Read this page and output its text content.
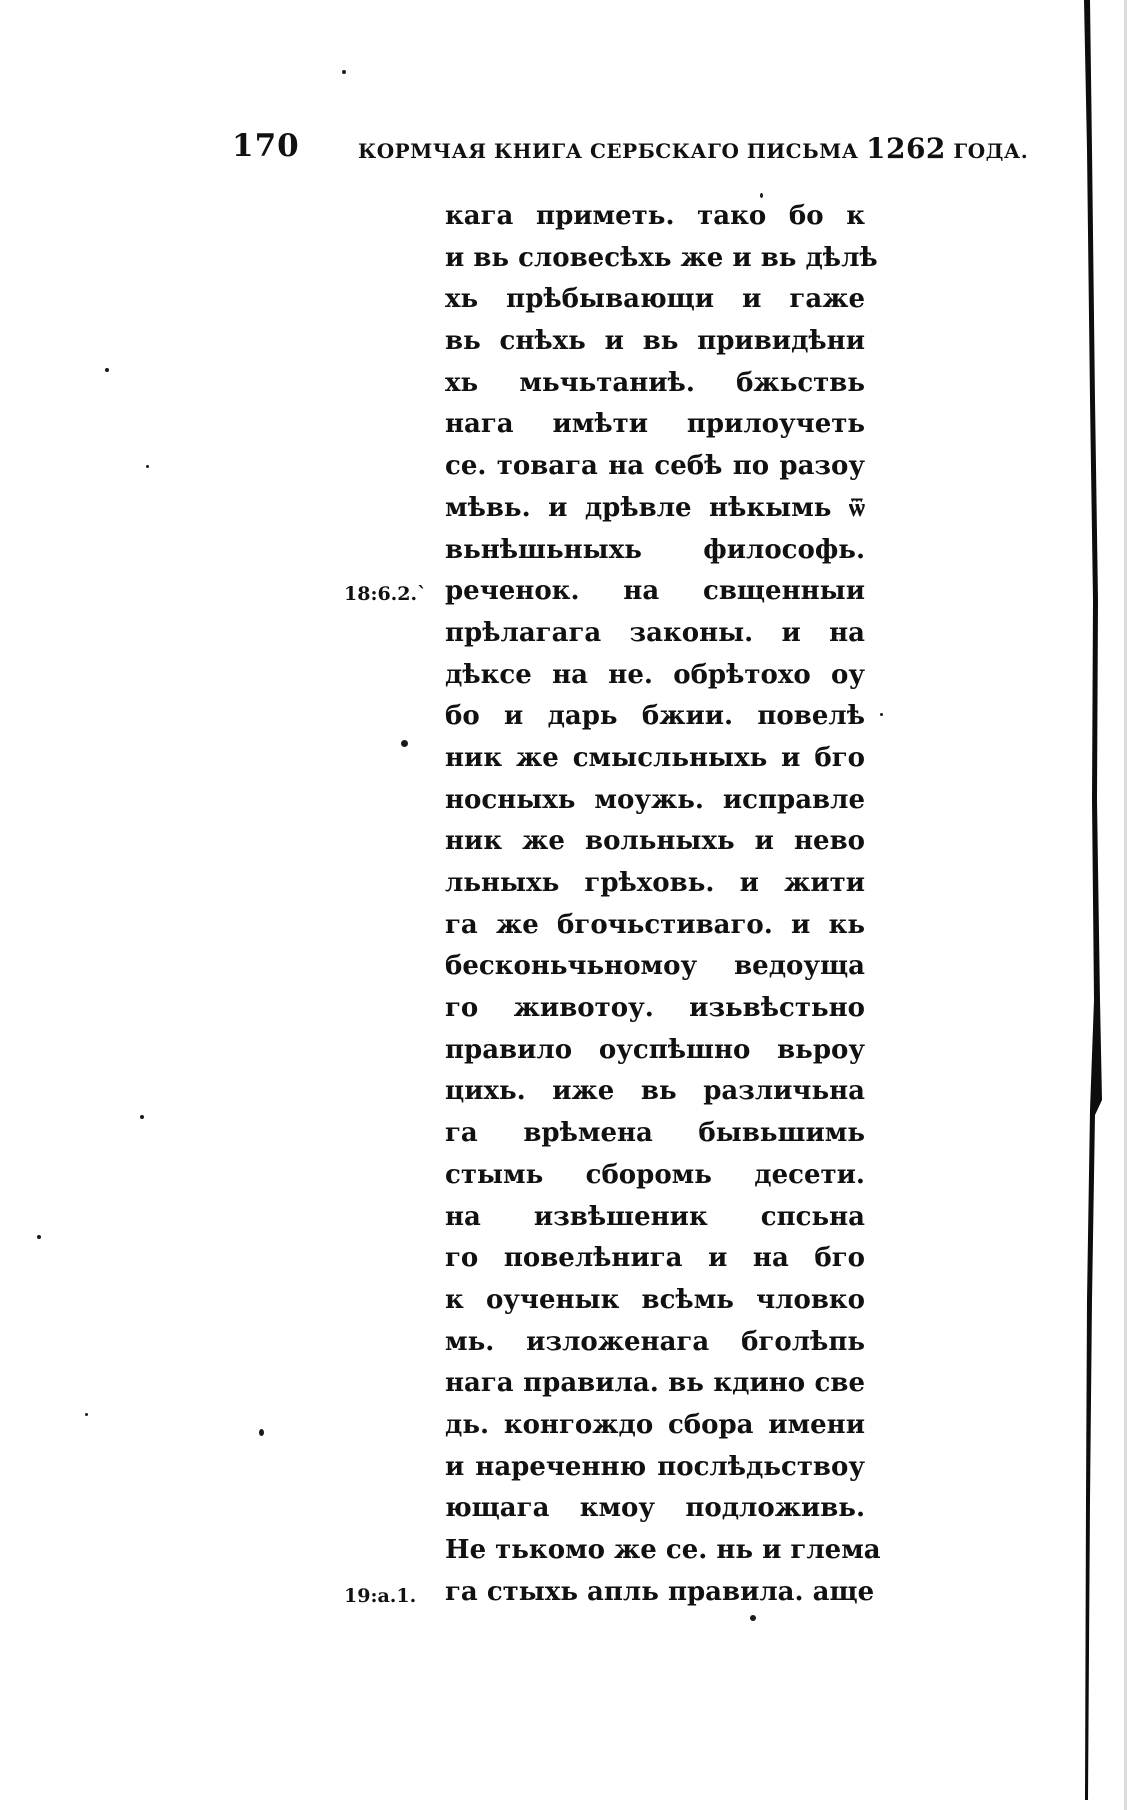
170	КОРМЧАЯ КНИГА СЕРБСКАГО ПИСЬМА 1262 ГОДА.
18:6.2.`
19:a.1.
кага приметь. тако бо к
и вь словесѣхь же и вь дѣлѣ
хь прѣбывающи и гаже
вь снѣхь и вь привидѣни
хь мьчьтаниѣ. бжьствь
нага имѣти прилоучеть
се. товага на себѣ по разоу
мѣвь. и дрѣвле нѣкымь ѿ
вьнѣшьныхь философь.
реченок. на свщенныи
прѣлагага законы. и на
дѣксе на не. обрѣтохо оу
бо и дарь бжии. повелѣ
ник же смысльныхь и бго
носныхь моужь. исправле
ник же вольныхь и нево
льныхь грѣховь. и жити
га же бгочьстиваго. и кь
бесконьчьномоу ведоуща
го животоу. изьвѣстьно
правило оуспѣшно вьроу
цихь. иже вь различьна
га врѣмена бывьшимь
стымь сборомь десети.
на извѣшеник спсьна
го повелѣнига и на бго
к оученык всѣмь чловко
мь. изложенага бголѣпь
нага правила. вь кдино све
дь. конгождо сбора имени
и нареченню послѣдьствоу
ющага кмоу подложивь.
Не тькомо же се. нь и глема
га стыхь апль правила. аще
